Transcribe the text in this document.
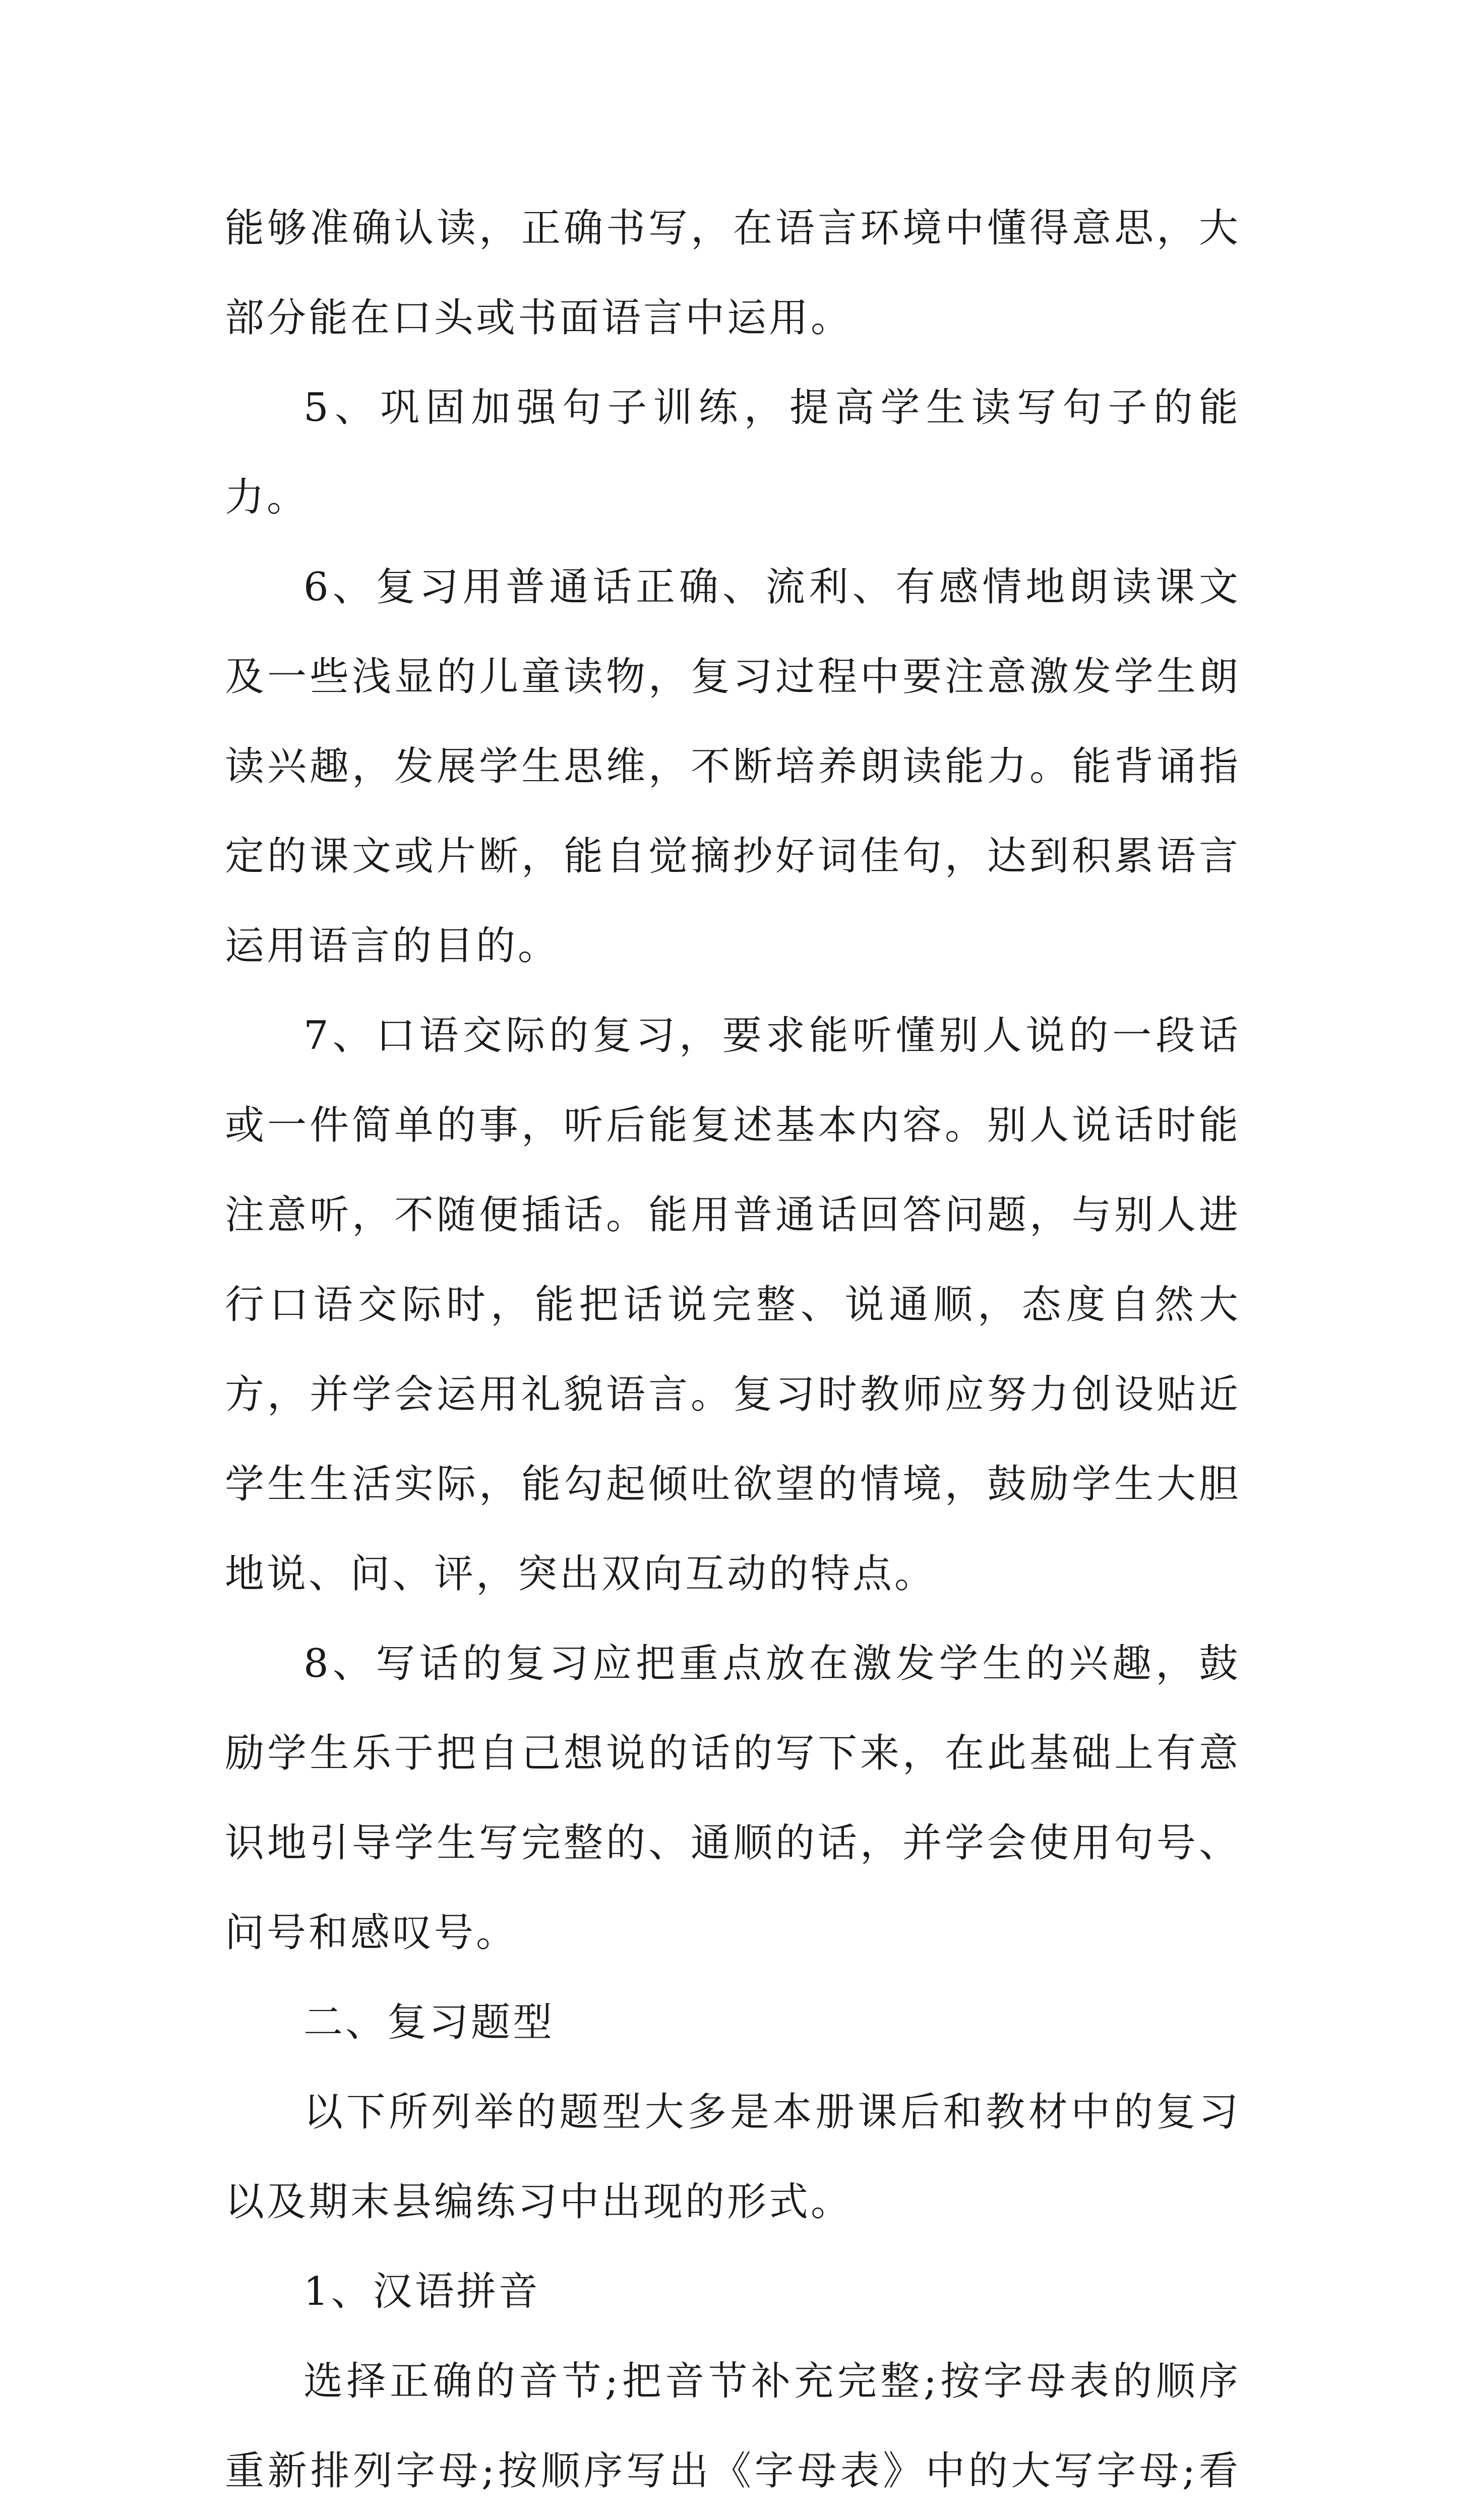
能够准确认读，正确书写，在语言环境中懂得意思，大部分能在口头或书面语言中运用。

5、巩固加强句子训练，提高学生读写句子的能力。

6、复习用普通话正确、流利、有感情地朗读课文及一些浅显的儿童读物，复习过程中要注意激发学生朗读兴趣，发展学生思维，不断培养朗读能力。能背诵指定的课文或片断，能自觉摘抄好词佳句，达到积累语言运用语言的目的。

7、口语交际的复习，要求能听懂别人说的一段话或一件简单的事，听后能复述基本内容。别人说话时能注意听，不随便插话。能用普通话回答问题，与别人进行口语交际时，能把话说完整、说通顺，态度自然大方，并学会运用礼貌语言。复习时教师应努力创设贴近学生生活实际，能勾起倾吐欲望的情境，鼓励学生大胆地说、问、评，突出双向互动的特点。

8、写话的复习应把重点放在激发学生的兴趣，鼓励学生乐于把自己想说的话的写下来，在此基础上有意识地引导学生写完整的、通顺的话，并学会使用句号、问号和感叹号。

二、复习题型

以下所列举的题型大多是本册课后和教材中的复习以及期末县编练习中出现的形式。

1、汉语拼音

选择正确的音节;把音节补充完整;按字母表的顺序重新排列字母;按顺序写出《字母表》中的大写字母;看
